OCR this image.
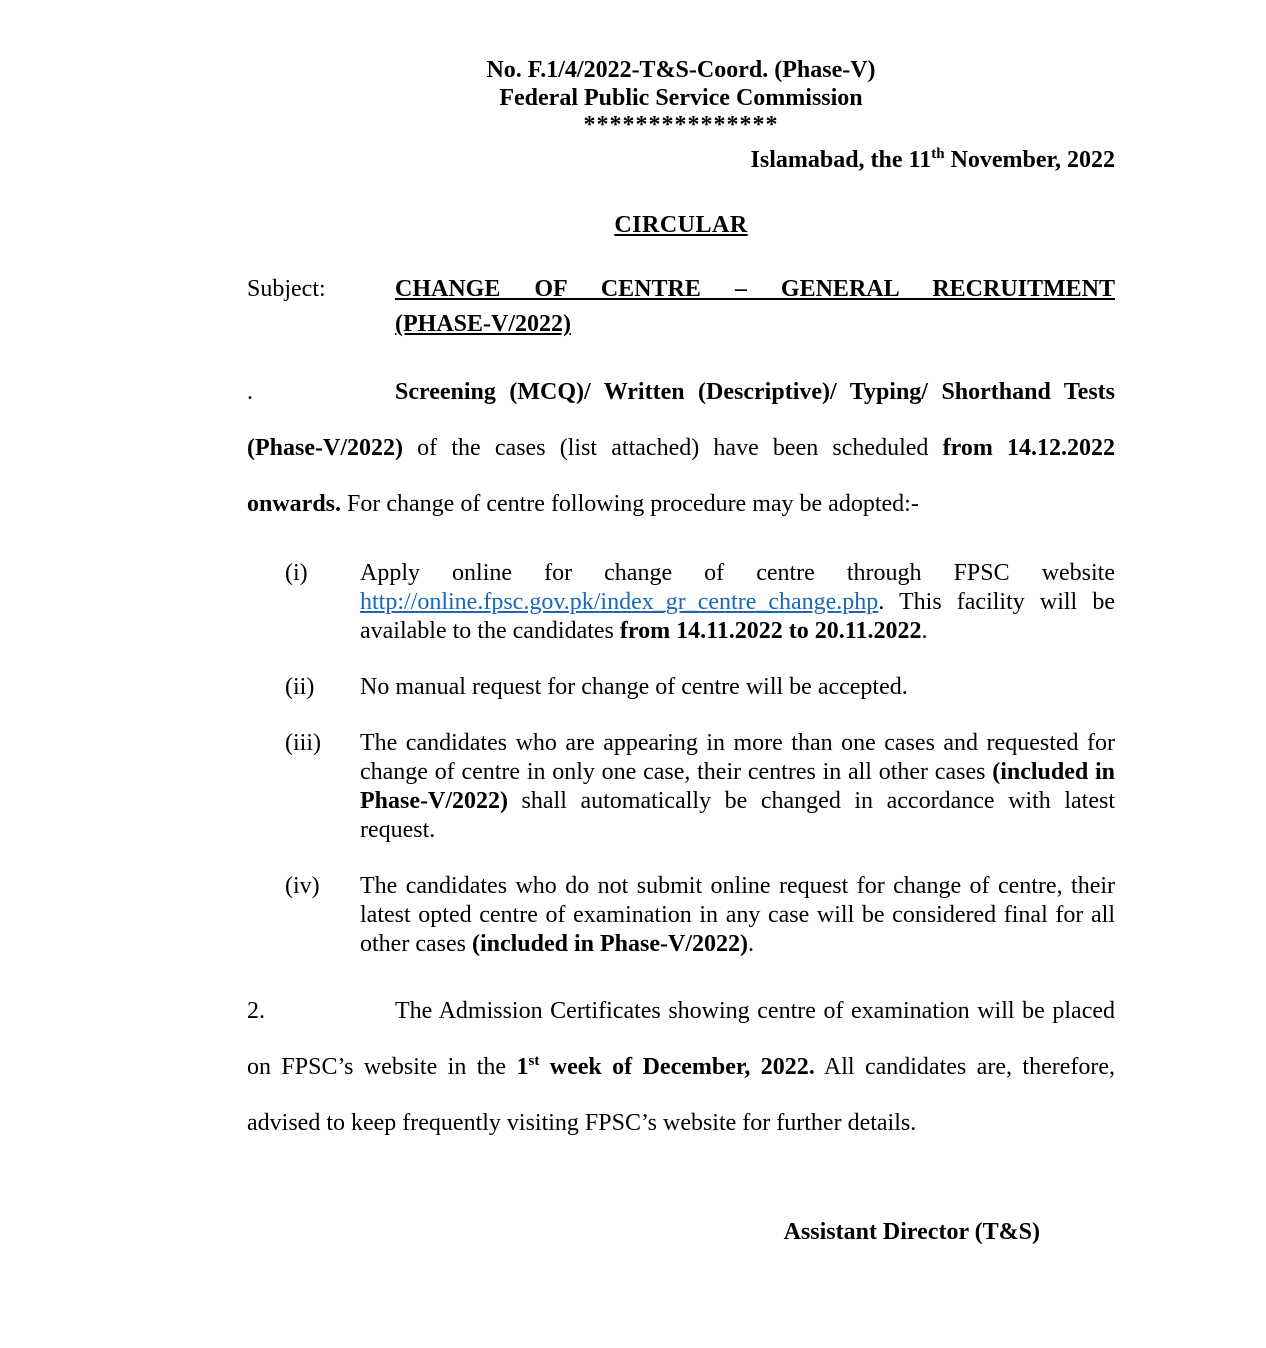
No. F.1/4/2022-T&S-Coord. (Phase-V)
Federal Public Service Commission
***************
Islamabad, the 11th November, 2022
CIRCULAR
Subject:	CHANGE OF CENTRE – GENERAL RECRUITMENT
(PHASE-V/2022)
.	Screening (MCQ)/ Written (Descriptive)/ Typing/ Shorthand Tests (Phase-V/2022) of the cases (list attached) have been scheduled from 14.12.2022 onwards. For change of centre following procedure may be adopted:-
(i)	Apply online for change of centre through FPSC website http://online.fpsc.gov.pk/index_gr_centre_change.php. This facility will be available to the candidates from 14.11.2022 to 20.11.2022.
(ii)	No manual request for change of centre will be accepted.
(iii)	The candidates who are appearing in more than one cases and requested for change of centre in only one case, their centres in all other cases (included in Phase-V/2022) shall automatically be changed in accordance with latest request.
(iv)	The candidates who do not submit online request for change of centre, their latest opted centre of examination in any case will be considered final for all other cases (included in Phase-V/2022).
2.	The Admission Certificates showing centre of examination will be placed on FPSC’s website in the 1st week of December, 2022. All candidates are, therefore, advised to keep frequently visiting FPSC’s website for further details.
Assistant Director (T&S)
